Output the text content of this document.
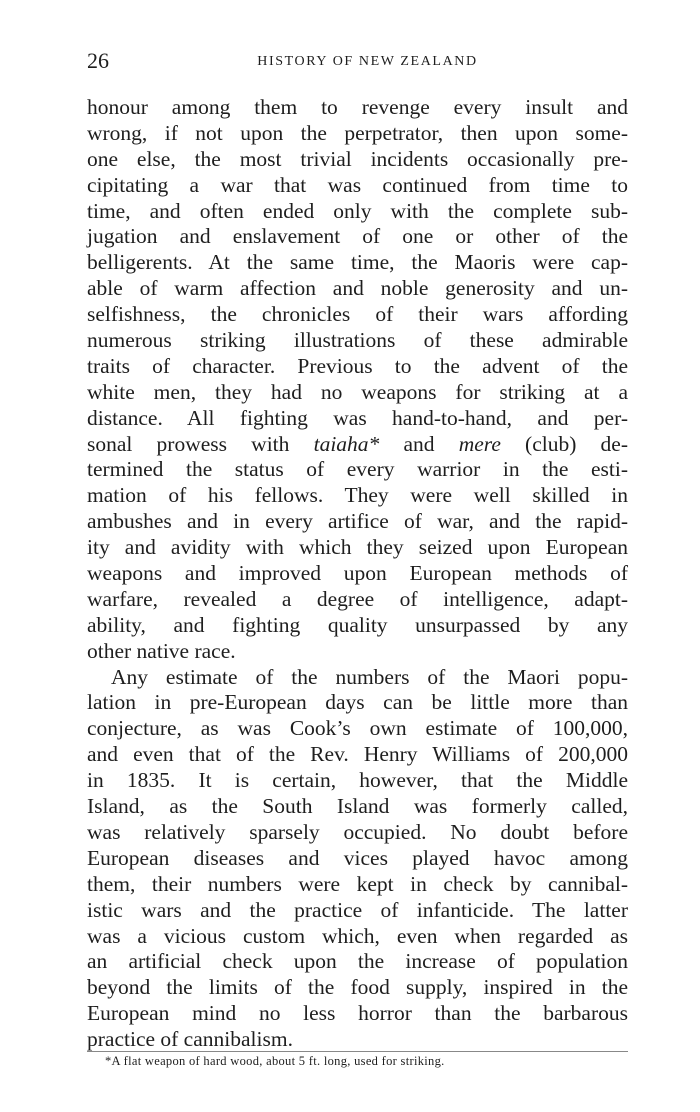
26	HISTORY OF NEW ZEALAND
honour among them to revenge every insult and
wrong, if not upon the perpetrator, then upon some-
one else, the most trivial incidents occasionally pre-
cipitating a war that was continued from time to
time, and often ended only with the complete sub-
jugation and enslavement of one or other of the
belligerents. At the same time, the Maoris were cap-
able of warm affection and noble generosity and un-
selfishness, the chronicles of their wars affording
numerous striking illustrations of these admirable
traits of character. Previous to the advent of the
white men, they had no weapons for striking at a
distance. All fighting was hand-to-hand, and per-
sonal prowess with taiaha* and mere (club) de-
termined the status of every warrior in the esti-
mation of his fellows. They were well skilled in
ambushes and in every artifice of war, and the rapid-
ity and avidity with which they seized upon European
weapons and improved upon European methods of
warfare, revealed a degree of intelligence, adapt-
ability, and fighting quality unsurpassed by any
other native race.
Any estimate of the numbers of the Maori popu-
lation in pre-European days can be little more than
conjecture, as was Cook’s own estimate of 100,000,
and even that of the Rev. Henry Williams of 200,000
in 1835. It is certain, however, that the Middle
Island, as the South Island was formerly called,
was relatively sparsely occupied. No doubt before
European diseases and vices played havoc among
them, their numbers were kept in check by cannibal-
istic wars and the practice of infanticide. The latter
was a vicious custom which, even when regarded as
an artificial check upon the increase of population
beyond the limits of the food supply, inspired in the
European mind no less horror than the barbarous
practice of cannibalism.
*A flat weapon of hard wood, about 5 ft. long, used for striking.
